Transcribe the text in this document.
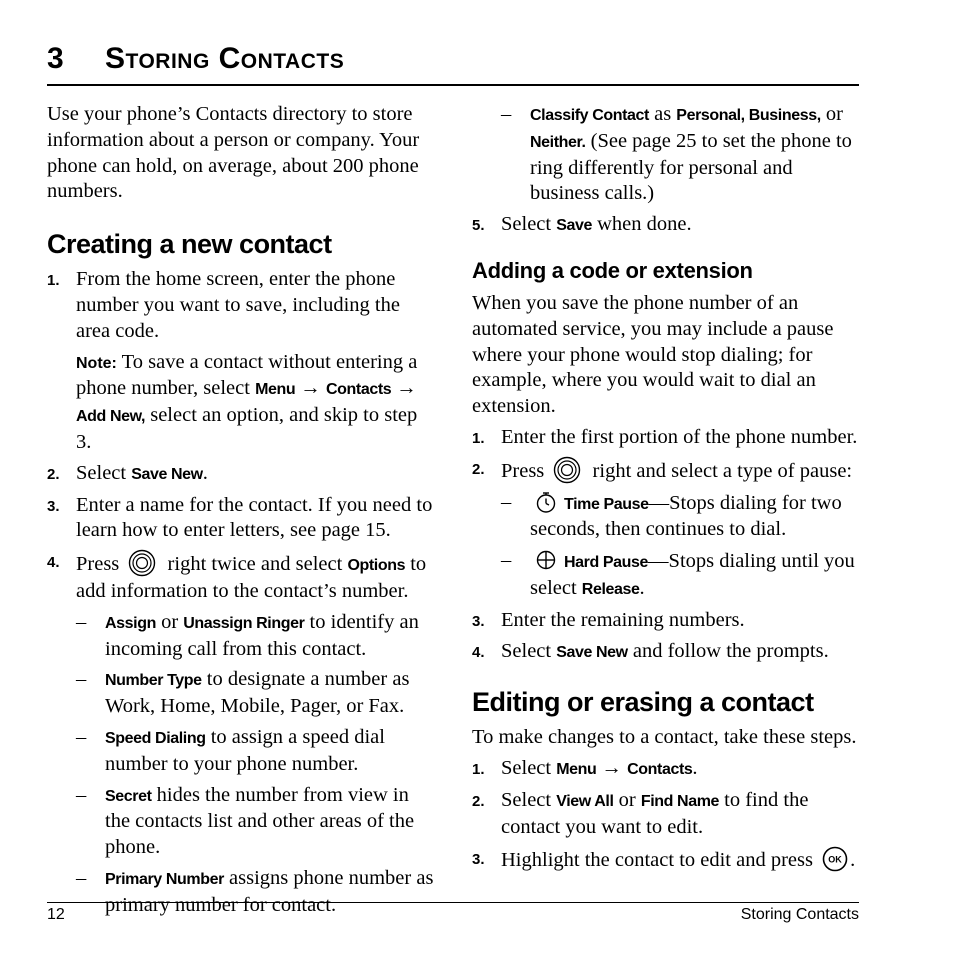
3 Storing Contacts

Use your phone’s Contacts directory to store information about a person or company. Your phone can hold, on average, about 200 phone numbers.

Creating a new contact
1. From the home screen, enter the phone number you want to save, including the area code.
Note: To save a contact without entering a phone number, select Menu → Contacts → Add New, select an option, and skip to step 3.
2. Select Save New.
3. Enter a name for the contact. If you need to learn how to enter letters, see page 15.
4. Press  right twice and select Options to add information to the contact’s number.
– Assign or Unassign Ringer to identify an incoming call from this contact.
– Number Type to designate a number as Work, Home, Mobile, Pager, or Fax.
– Speed Dialing to assign a speed dial number to your phone number.
– Secret hides the number from view in the contacts list and other areas of the phone.
– Primary Number assigns phone number as primary number for contact.
– Classify Contact as Personal, Business, or Neither. (See page 25 to set the phone to ring differently for personal and business calls.)
5. Select Save when done.
Adding a code or extension

When you save the phone number of an automated service, you may include a pause where your phone would stop dialing; for example, where you would wait to dial an extension.

1. Enter the first portion of the phone number.
2. Press  right and select a type of pause:
–	Time Pause—Stops dialing for two seconds, then continues to dial.
–	Hard Pause—Stops dialing until you select Release.
3. Enter the remaining numbers.
4. Select Save New and follow the prompts.
Editing or erasing a contact

To make changes to a contact, take these steps.

1. Select Menu → Contacts.
2. Select View All or Find Name to find the contact you want to edit.
3. Highlight the contact to edit and press OK .
12	Storing Contacts
